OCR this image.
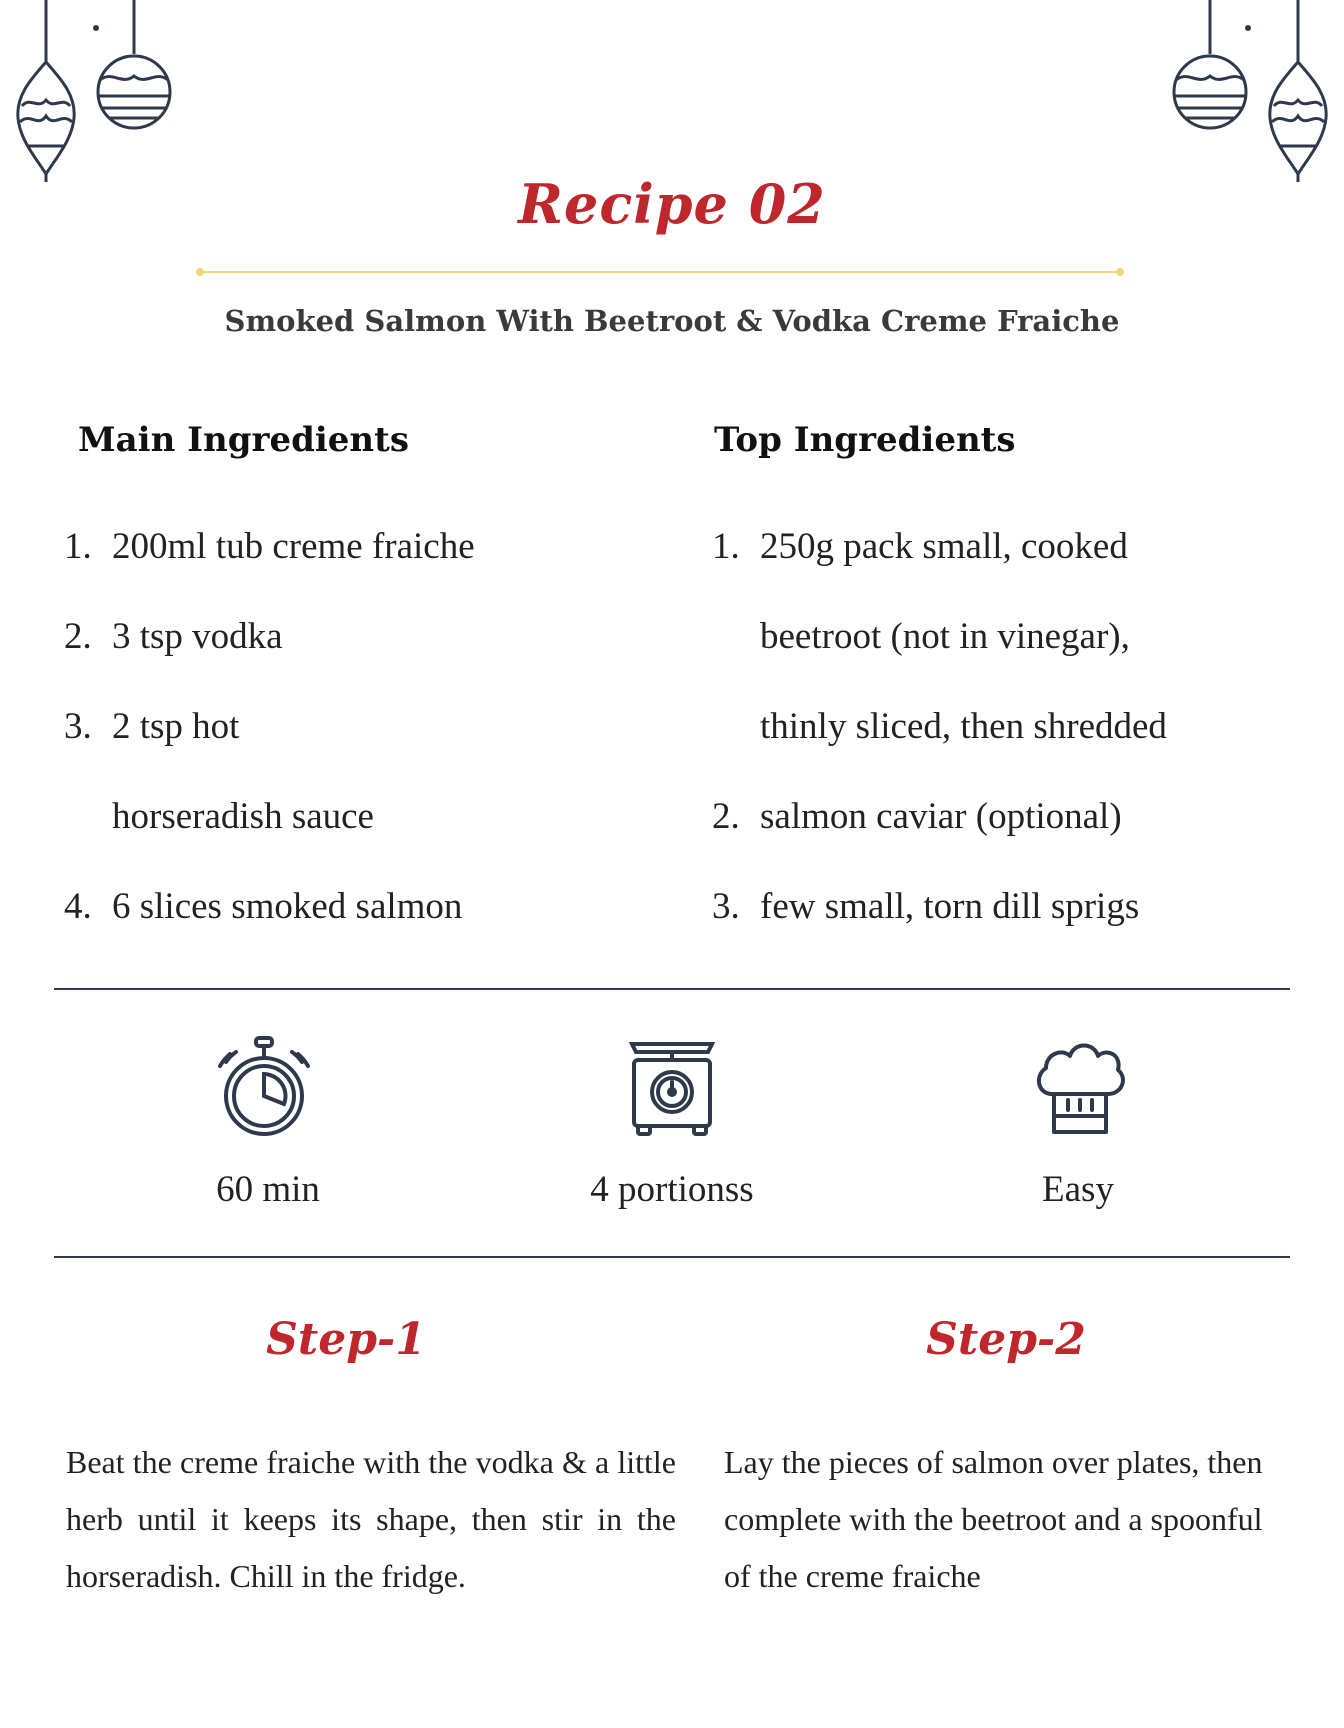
Recipe 02
Smoked Salmon With Beetroot & Vodka Creme Fraiche
Main Ingredients	Top Ingredients
1. 200ml tub creme fraiche
2. 3 tsp vodka
3. 2 tsp hot
horseradish sauce
4. 6 slices smoked salmon
1. 250g pack small, cooked
beetroot (not in vinegar),
thinly sliced, then shredded
2. salmon caviar (optional)
3. few small, torn dill sprigs
60 min	4 portionss	Easy
Step-1	Step-2
Beat the creme fraiche with the vodka & a little herb until it keeps its shape, then stir in the horseradish. Chill in the fridge.
Lay the pieces of salmon over plates, then complete with the beetroot and a spoonful of the creme fraiche
